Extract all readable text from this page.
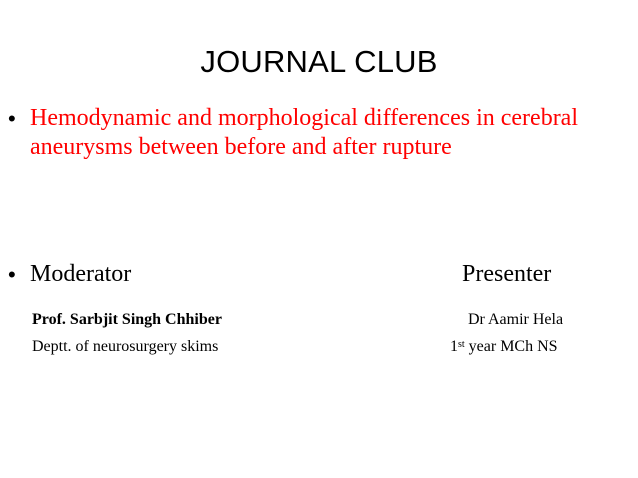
JOURNAL CLUB
• Hemodynamic and morphological differences in cerebral aneurysms between before and after rupture
• Moderator	Presenter
Prof. Sarbjit Singh Chhiber
Deptt. of neurosurgery skims
Dr Aamir Hela
1st year MCh NS
